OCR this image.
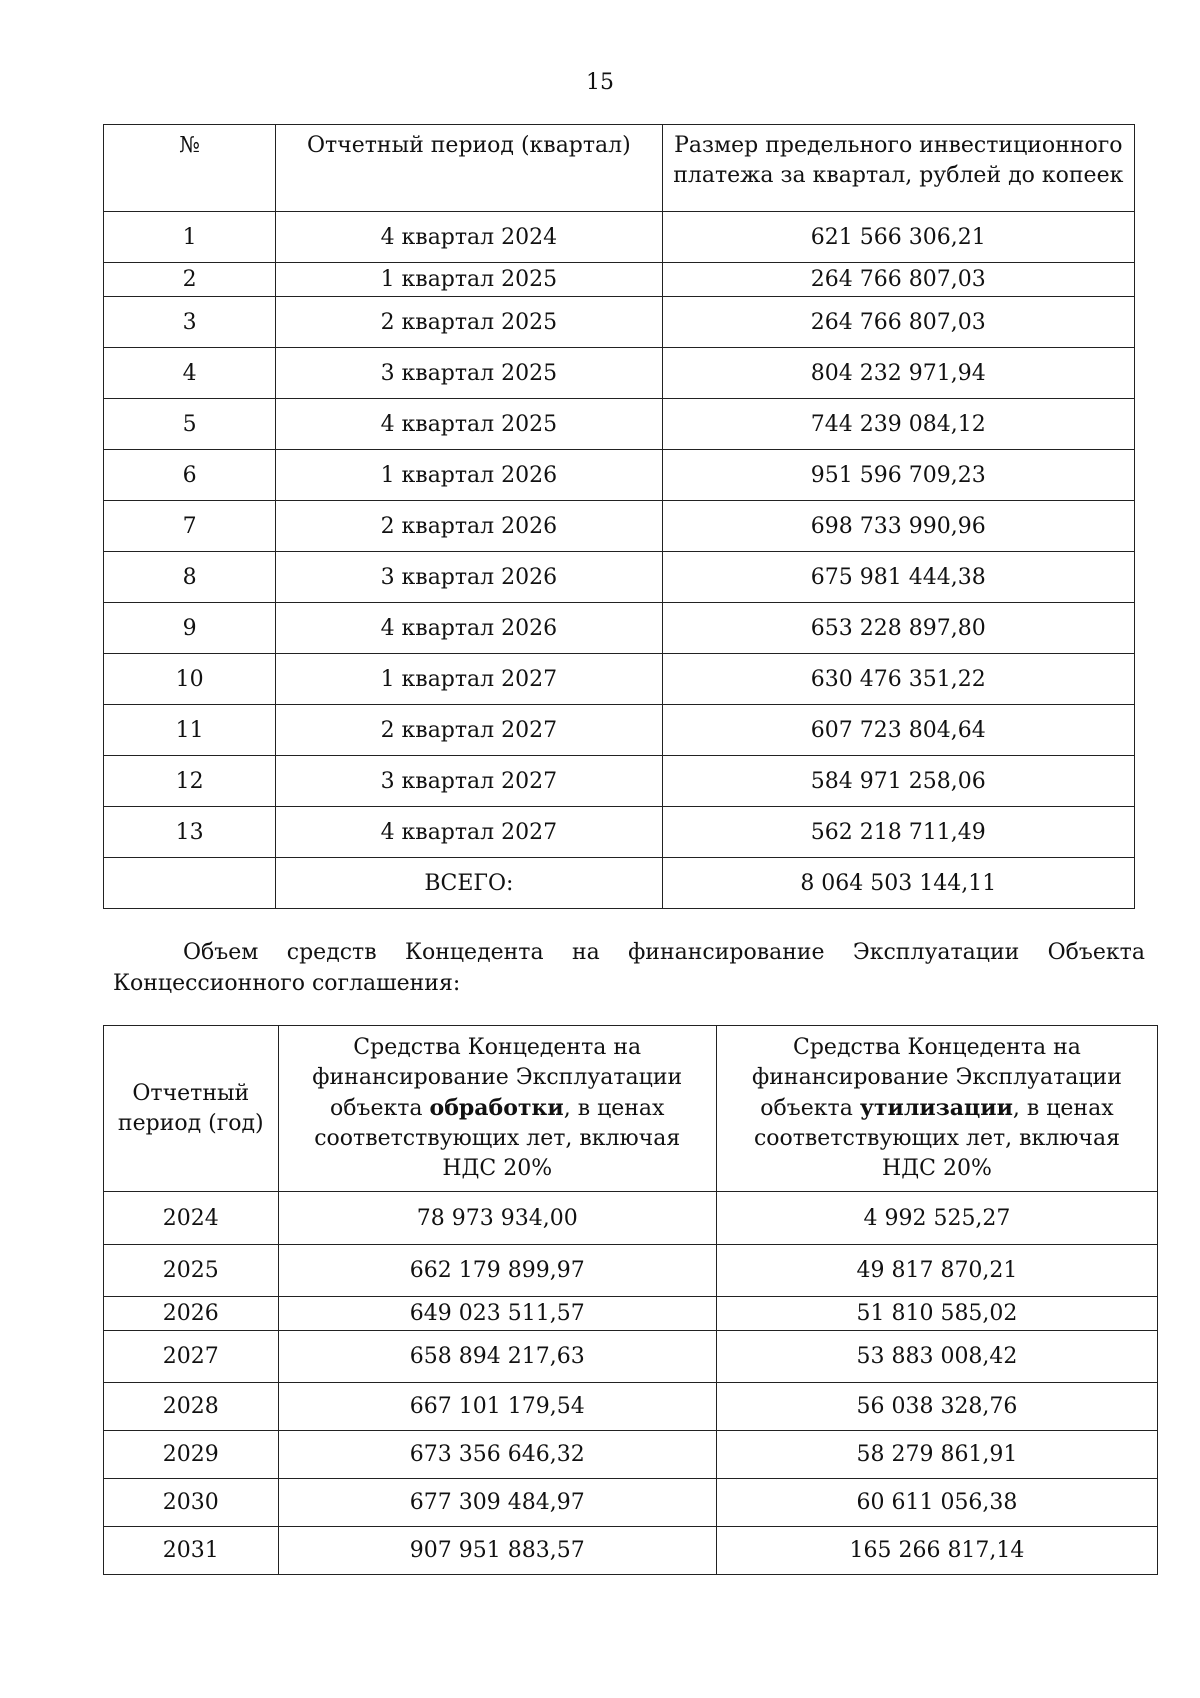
15
№	Отчетный период (квартал)	Размер предельного инвестиционного платежа за квартал, рублей до копеек
1	4 квартал 2024	621 566 306,21
2	1 квартал 2025	264 766 807,03
3	2 квартал 2025	264 766 807,03
4	3 квартал 2025	804 232 971,94
5	4 квартал 2025	744 239 084,12
6	1 квартал 2026	951 596 709,23
7	2 квартал 2026	698 733 990,96
8	3 квартал 2026	675 981 444,38
9	4 квартал 2026	653 228 897,80
10	1 квартал 2027	630 476 351,22
11	2 квартал 2027	607 723 804,64
12	3 квартал 2027	584 971 258,06
13	4 квартал 2027	562 218 711,49
	ВСЕГО:	8 064 503 144,11
Объем средств Концедента на финансирование Эксплуатации Объекта
Концессионного соглашения:
Отчетный период (год)	Средства Концедента на финансирование Эксплуатации объекта обработки, в ценах соответствующих лет, включая НДС 20%	Средства Концедента на финансирование Эксплуатации объекта утилизации, в ценах соответствующих лет, включая НДС 20%
2024	78 973 934,00	4 992 525,27
2025	662 179 899,97	49 817 870,21
2026	649 023 511,57	51 810 585,02
2027	658 894 217,63	53 883 008,42
2028	667 101 179,54	56 038 328,76
2029	673 356 646,32	58 279 861,91
2030	677 309 484,97	60 611 056,38
2031	907 951 883,57	165 266 817,14
